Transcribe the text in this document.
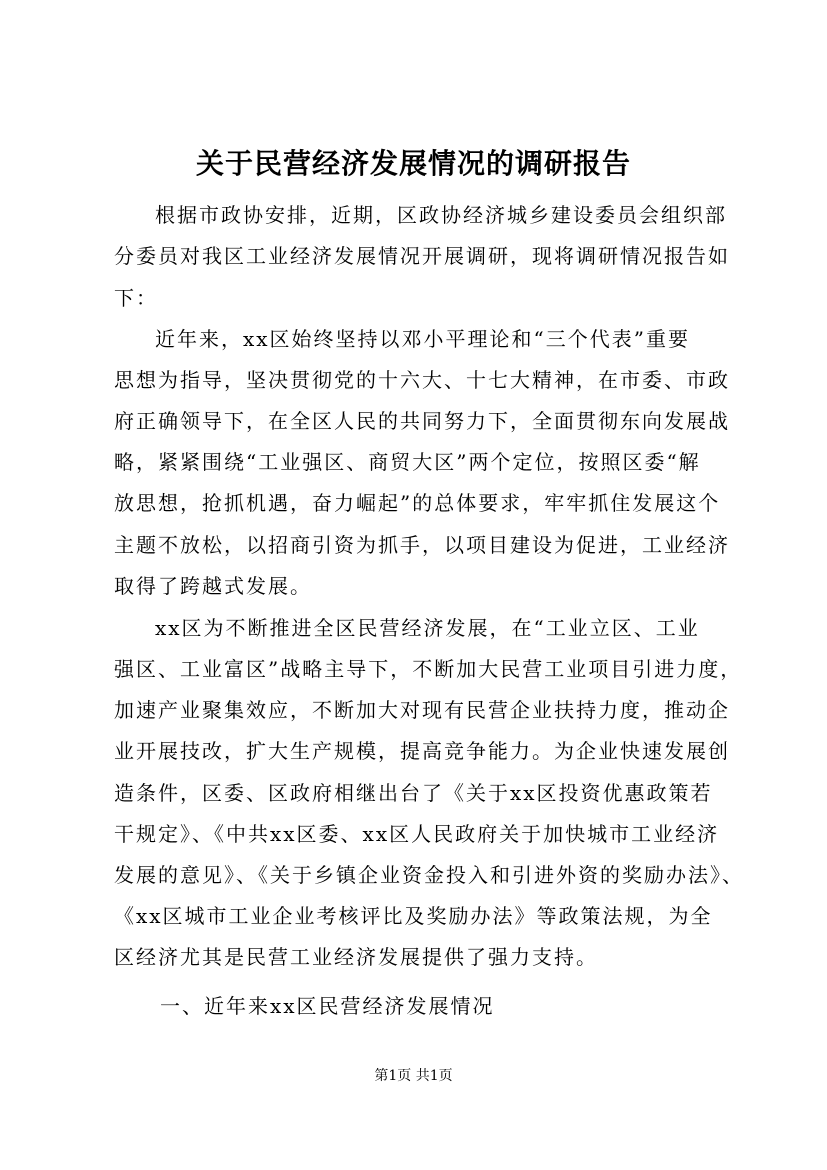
关于民营经济发展情况的调研报告
根据市政协安排，近期，区政协经济城乡建设委员会组织部
分委员对我区工业经济发展情况开展调研，现将调研情况报告如
下：
近年来，xx区始终坚持以邓小平理论和“三个代表”重要
思想为指导，坚决贯彻党的十六大、十七大精神，在市委、市政
府正确领导下，在全区人民的共同努力下，全面贯彻东向发展战
略，紧紧围绕“工业强区、商贸大区”两个定位，按照区委“解
放思想，抢抓机遇，奋力崛起”的总体要求，牢牢抓住发展这个
主题不放松，以招商引资为抓手，以项目建设为促进，工业经济
取得了跨越式发展。
xx区为不断推进全区民营经济发展，在“工业立区、工业
强区、工业富区”战略主导下，不断加大民营工业项目引进力度，
加速产业聚集效应，不断加大对现有民营企业扶持力度，推动企
业开展技改，扩大生产规模，提高竞争能力。为企业快速发展创
造条件，区委、区政府相继出台了《关于xx区投资优惠政策若
干规定》、《中共xx区委、xx区人民政府关于加快城市工业经济
发展的意见》、《关于乡镇企业资金投入和引进外资的奖励办法》、
《xx区城市工业企业考核评比及奖励办法》等政策法规，为全
区经济尤其是民营工业经济发展提供了强力支持。
一、近年来xx区民营经济发展情况
第1页 共1页
